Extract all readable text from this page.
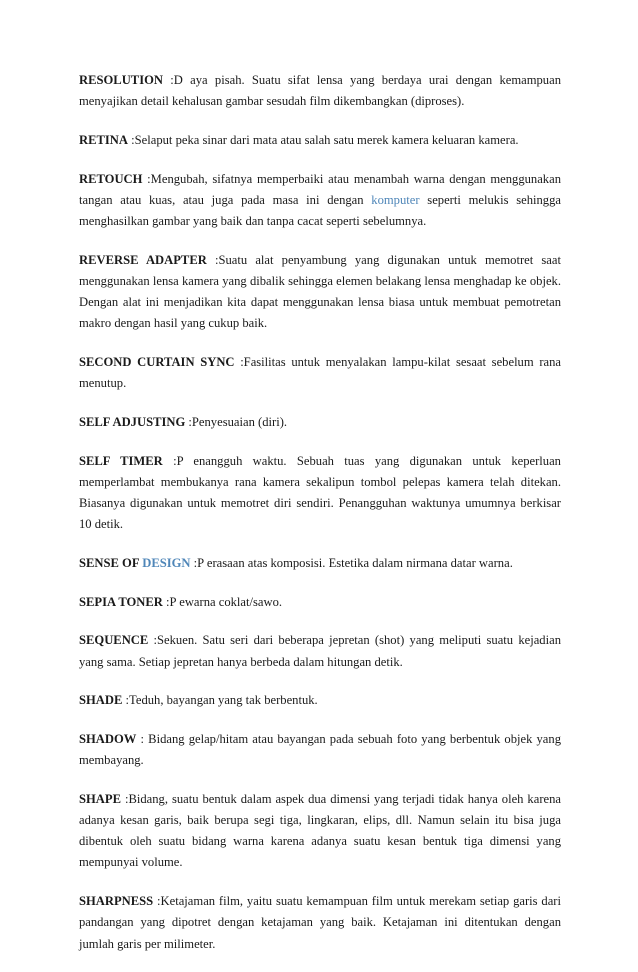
RESOLUTION :D aya pisah. Suatu sifat lensa yang berdaya urai dengan kemampuan menyajikan detail kehalusan gambar sesudah film dikembangkan (diproses).

RETINA :Selaput peka sinar dari mata atau salah satu merek kamera keluaran kamera.

RETOUCH :Mengubah, sifatnya memperbaiki atau menambah warna dengan menggunakan tangan atau kuas, atau juga pada masa ini dengan komputer seperti melukis sehingga menghasilkan gambar yang baik dan tanpa cacat seperti sebelumnya.

REVERSE ADAPTER :Suatu alat penyambung yang digunakan untuk memotret saat menggunakan lensa kamera yang dibalik sehingga elemen belakang lensa menghadap ke objek. Dengan alat ini menjadikan kita dapat menggunakan lensa biasa untuk membuat pemotretan makro dengan hasil yang cukup baik.

SECOND CURTAIN SYNC :Fasilitas untuk menyalakan lampu-kilat sesaat sebelum rana menutup.

SELF ADJUSTING :Penyesuaian (diri).

SELF TIMER :P enangguh waktu. Sebuah tuas yang digunakan untuk keperluan memperlambat membukanya rana kamera sekalipun tombol pelepas kamera telah ditekan. Biasanya digunakan untuk memotret diri sendiri. Penangguhan waktunya umumnya berkisar 10 detik.

SENSE OF DESIGN :P erasaan atas komposisi. Estetika dalam nirmana datar warna.

SEPIA TONER :P ewarna coklat/sawo.

SEQUENCE :Sekuen. Satu seri dari beberapa jepretan (shot) yang meliputi suatu kejadian yang sama. Setiap jepretan hanya berbeda dalam hitungan detik.

SHADE :Teduh, bayangan yang tak berbentuk.

SHADOW : Bidang gelap/hitam atau bayangan pada sebuah foto yang berbentuk objek yang membayang.

SHAPE :Bidang, suatu bentuk dalam aspek dua dimensi yang terjadi tidak hanya oleh karena adanya kesan garis, baik berupa segi tiga, lingkaran, elips, dll. Namun selain itu bisa juga dibentuk oleh suatu bidang warna karena adanya suatu kesan bentuk tiga dimensi yang mempunyai volume.

SHARPNESS :Ketajaman film, yaitu suatu kemampuan film untuk merekam setiap garis dari pandangan yang dipotret dengan ketajaman yang baik. Ketajaman ini ditentukan dengan jumlah garis per milimeter.
